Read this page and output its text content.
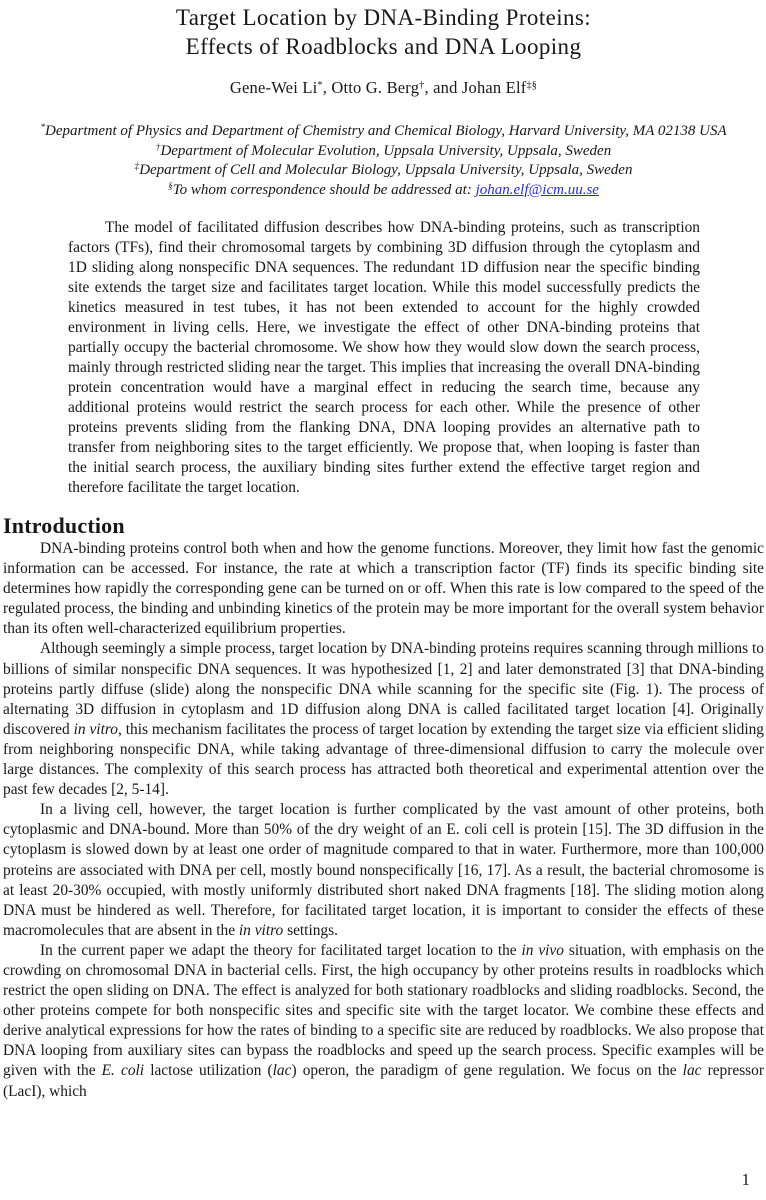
Target Location by DNA-Binding Proteins:
Effects of Roadblocks and DNA Looping

Gene-Wei Li*, Otto G. Berg†, and Johan Elf‡§

*Department of Physics and Department of Chemistry and Chemical Biology, Harvard University, MA 02138 USA

†Department of Molecular Evolution, Uppsala University, Uppsala, Sweden

‡Department of Cell and Molecular Biology, Uppsala University, Uppsala, Sweden

§To whom correspondence should be addressed at: johan.elf@icm.uu.se

The model of facilitated diffusion describes how DNA-binding proteins, such as transcription factors (TFs), find their chromosomal targets by combining 3D diffusion through the cytoplasm and 1D sliding along nonspecific DNA sequences. The redundant 1D diffusion near the specific binding site extends the target size and facilitates target location. While this model successfully predicts the kinetics measured in test tubes, it has not been extended to account for the highly crowded environment in living cells. Here, we investigate the effect of other DNA-binding proteins that partially occupy the bacterial chromosome. We show how they would slow down the search process, mainly through restricted sliding near the target. This implies that increasing the overall DNA-binding protein concentration would have a marginal effect in reducing the search time, because any additional proteins would restrict the search process for each other. While the presence of other proteins prevents sliding from the flanking DNA, DNA looping provides an alternative path to transfer from neighboring sites to the target efficiently. We propose that, when looping is faster than the initial search process, the auxiliary binding sites further extend the effective target region and therefore facilitate the target location.

Introduction

DNA-binding proteins control both when and how the genome functions. Moreover, they limit how fast the genomic information can be accessed. For instance, the rate at which a transcription factor (TF) finds its specific binding site determines how rapidly the corresponding gene can be turned on or off. When this rate is low compared to the speed of the regulated process, the binding and unbinding kinetics of the protein may be more important for the overall system behavior than its often well-characterized equilibrium properties.

Although seemingly a simple process, target location by DNA-binding proteins requires scanning through millions to billions of similar nonspecific DNA sequences. It was hypothesized [1, 2] and later demonstrated [3] that DNA-binding proteins partly diffuse (slide) along the nonspecific DNA while scanning for the specific site (Fig. 1). The process of alternating 3D diffusion in cytoplasm and 1D diffusion along DNA is called facilitated target location [4]. Originally discovered in vitro, this mechanism facilitates the process of target location by extending the target size via efficient sliding from neighboring nonspecific DNA, while taking advantage of three-dimensional diffusion to carry the molecule over large distances. The complexity of this search process has attracted both theoretical and experimental attention over the past few decades [2, 5-14].

In a living cell, however, the target location is further complicated by the vast amount of other proteins, both cytoplasmic and DNA-bound. More than 50% of the dry weight of an E. coli cell is protein [15]. The 3D diffusion in the cytoplasm is slowed down by at least one order of magnitude compared to that in water. Furthermore, more than 100,000 proteins are associated with DNA per cell, mostly bound nonspecifically [16, 17]. As a result, the bacterial chromosome is at least 20-30% occupied, with mostly uniformly distributed short naked DNA fragments [18]. The sliding motion along DNA must be hindered as well. Therefore, for facilitated target location, it is important to consider the effects of these macromolecules that are absent in the in vitro settings.

In the current paper we adapt the theory for facilitated target location to the in vivo situation, with emphasis on the crowding on chromosomal DNA in bacterial cells. First, the high occupancy by other proteins results in roadblocks which restrict the open sliding on DNA. The effect is analyzed for both stationary roadblocks and sliding roadblocks. Second, the other proteins compete for both nonspecific sites and specific site with the target locator. We combine these effects and derive analytical expressions for how the rates of binding to a specific site are reduced by roadblocks. We also propose that DNA looping from auxiliary sites can bypass the roadblocks and speed up the search process. Specific examples will be given with the E. coli lactose utilization (lac) operon, the paradigm of gene regulation. We focus on the lac repressor (LacI), which

1
